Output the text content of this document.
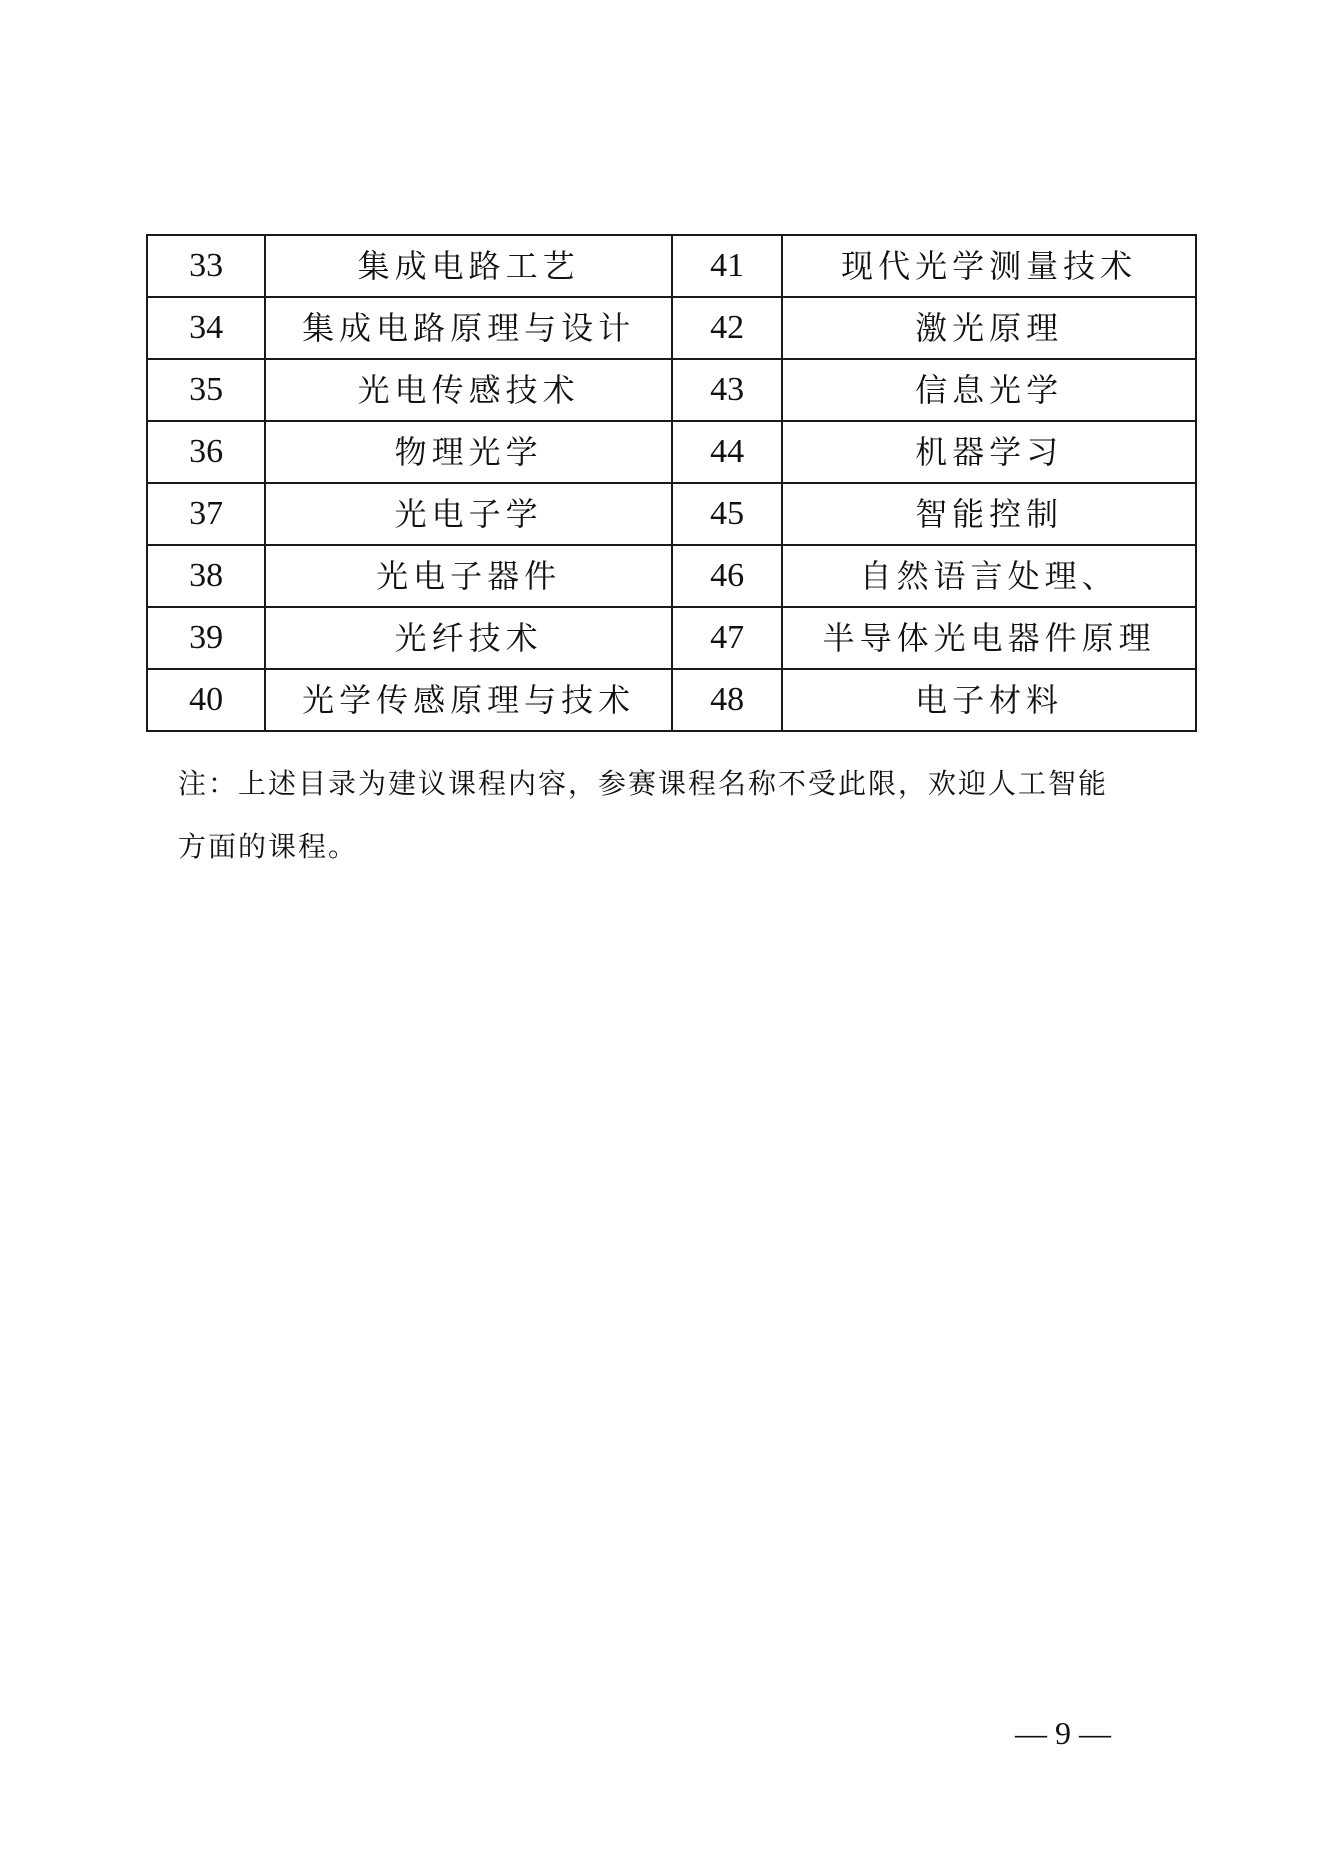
33	集成电路工艺	41	现代光学测量技术
34	集成电路原理与设计	42	激光原理
35	光电传感技术	43	信息光学
36	物理光学	44	机器学习
37	光电子学	45	智能控制
38	光电子器件	46	自然语言处理、
39	光纤技术	47	半导体光电器件原理
40	光学传感原理与技术	48	电子材料
注：上述目录为建议课程内容，参赛课程名称不受此限，欢迎人工智能
方面的课程。
— 9 —
